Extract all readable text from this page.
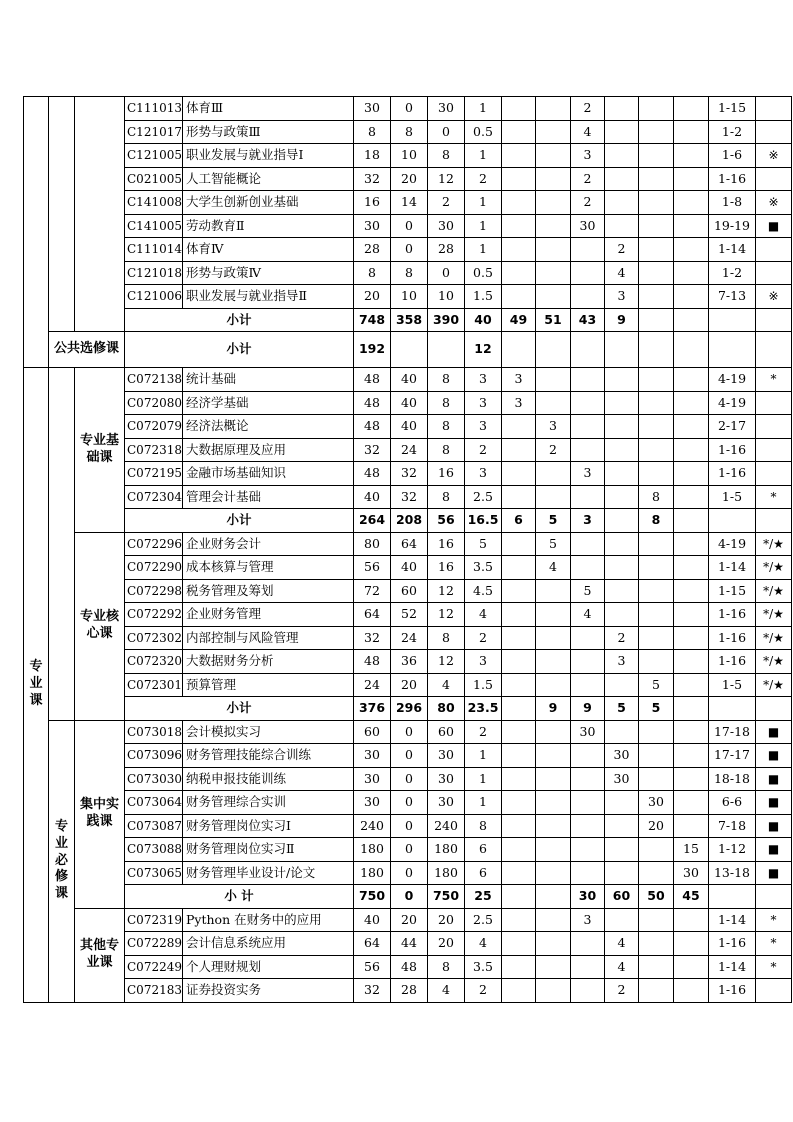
			C111013	体育Ⅲ	30	0	30	1			2				1-15	
			C121017	形势与政策Ⅲ	8	8	0	0.5			4				1-2	
			C121005	职业发展与就业指导Ⅰ	18	10	8	1			3				1-6	※
			C021005	人工智能概论	32	20	12	2			2				1-16	
			C141008	大学生创新创业基础	16	14	2	1			2				1-8	※
			C141005	劳动教育Ⅱ	30	0	30	1			30				19-19	■
			C111014	体育Ⅳ	28	0	28	1				2			1-14	
			C121018	形势与政策Ⅳ	8	8	0	0.5				4			1-2	
			C121006	职业发展与就业指导Ⅱ	20	10	10	1.5				3			7-13	※
			小计		748	358	390	40	49	51	43	9				
	公共选修课		小计		192			12								
专业课		专业基础课	C072138	统计基础	48	40	8	3	3						4-19	*
			C072080	经济学基础	48	40	8	3	3						4-19	
			C072079	经济法概论	48	40	8	3		3					2-17	
			C072318	大数据原理及应用	32	24	8	2		2					1-16	
			C072195	金融市场基础知识	48	32	16	3			3				1-16	
			C072304	管理会计基础	40	32	8	2.5					8		1-5	*
			小计		264	208	56	16.5	6	5	3		8			
		专业核心课	C072296	企业财务会计	80	64	16	5		5					4-19	*/★
			C072290	成本核算与管理	56	40	16	3.5		4					1-14	*/★
			C072298	税务管理及筹划	72	60	12	4.5			5				1-15	*/★
			C072292	企业财务管理	64	52	12	4			4				1-16	*/★
			C072302	内部控制与风险管理	32	24	8	2				2			1-16	*/★
			C072320	大数据财务分析	48	36	12	3				3			1-16	*/★
			C072301	预算管理	24	20	4	1.5					5		1-5	*/★
			小计		376	296	80	23.5		9	9	5	5			
	专业必修课	集中实践课	C073018	会计模拟实习	60	0	60	2			30				17-18	■
			C073096	财务管理技能综合训练	30	0	30	1				30			17-17	■
			C073030	纳税申报技能训练	30	0	30	1				30			18-18	■
			C073064	财务管理综合实训	30	0	30	1					30		6-6	■
			C073087	财务管理岗位实习Ⅰ	240	0	240	8					20		7-18	■
			C073088	财务管理岗位实习Ⅱ	180	0	180	6						15	1-12	■
			C073065	财务管理毕业设计/论文	180	0	180	6						30	13-18	■
			小 计		750	0	750	25			30	60	50	45		
		其他专业课	C072319	Python 在财务中的应用	40	20	20	2.5			3				1-14	*
			C072289	会计信息系统应用	64	44	20	4				4			1-16	*
			C072249	个人理财规划	56	48	8	3.5				4			1-14	*
			C072183	证券投资实务	32	28	4	2				2			1-16	
